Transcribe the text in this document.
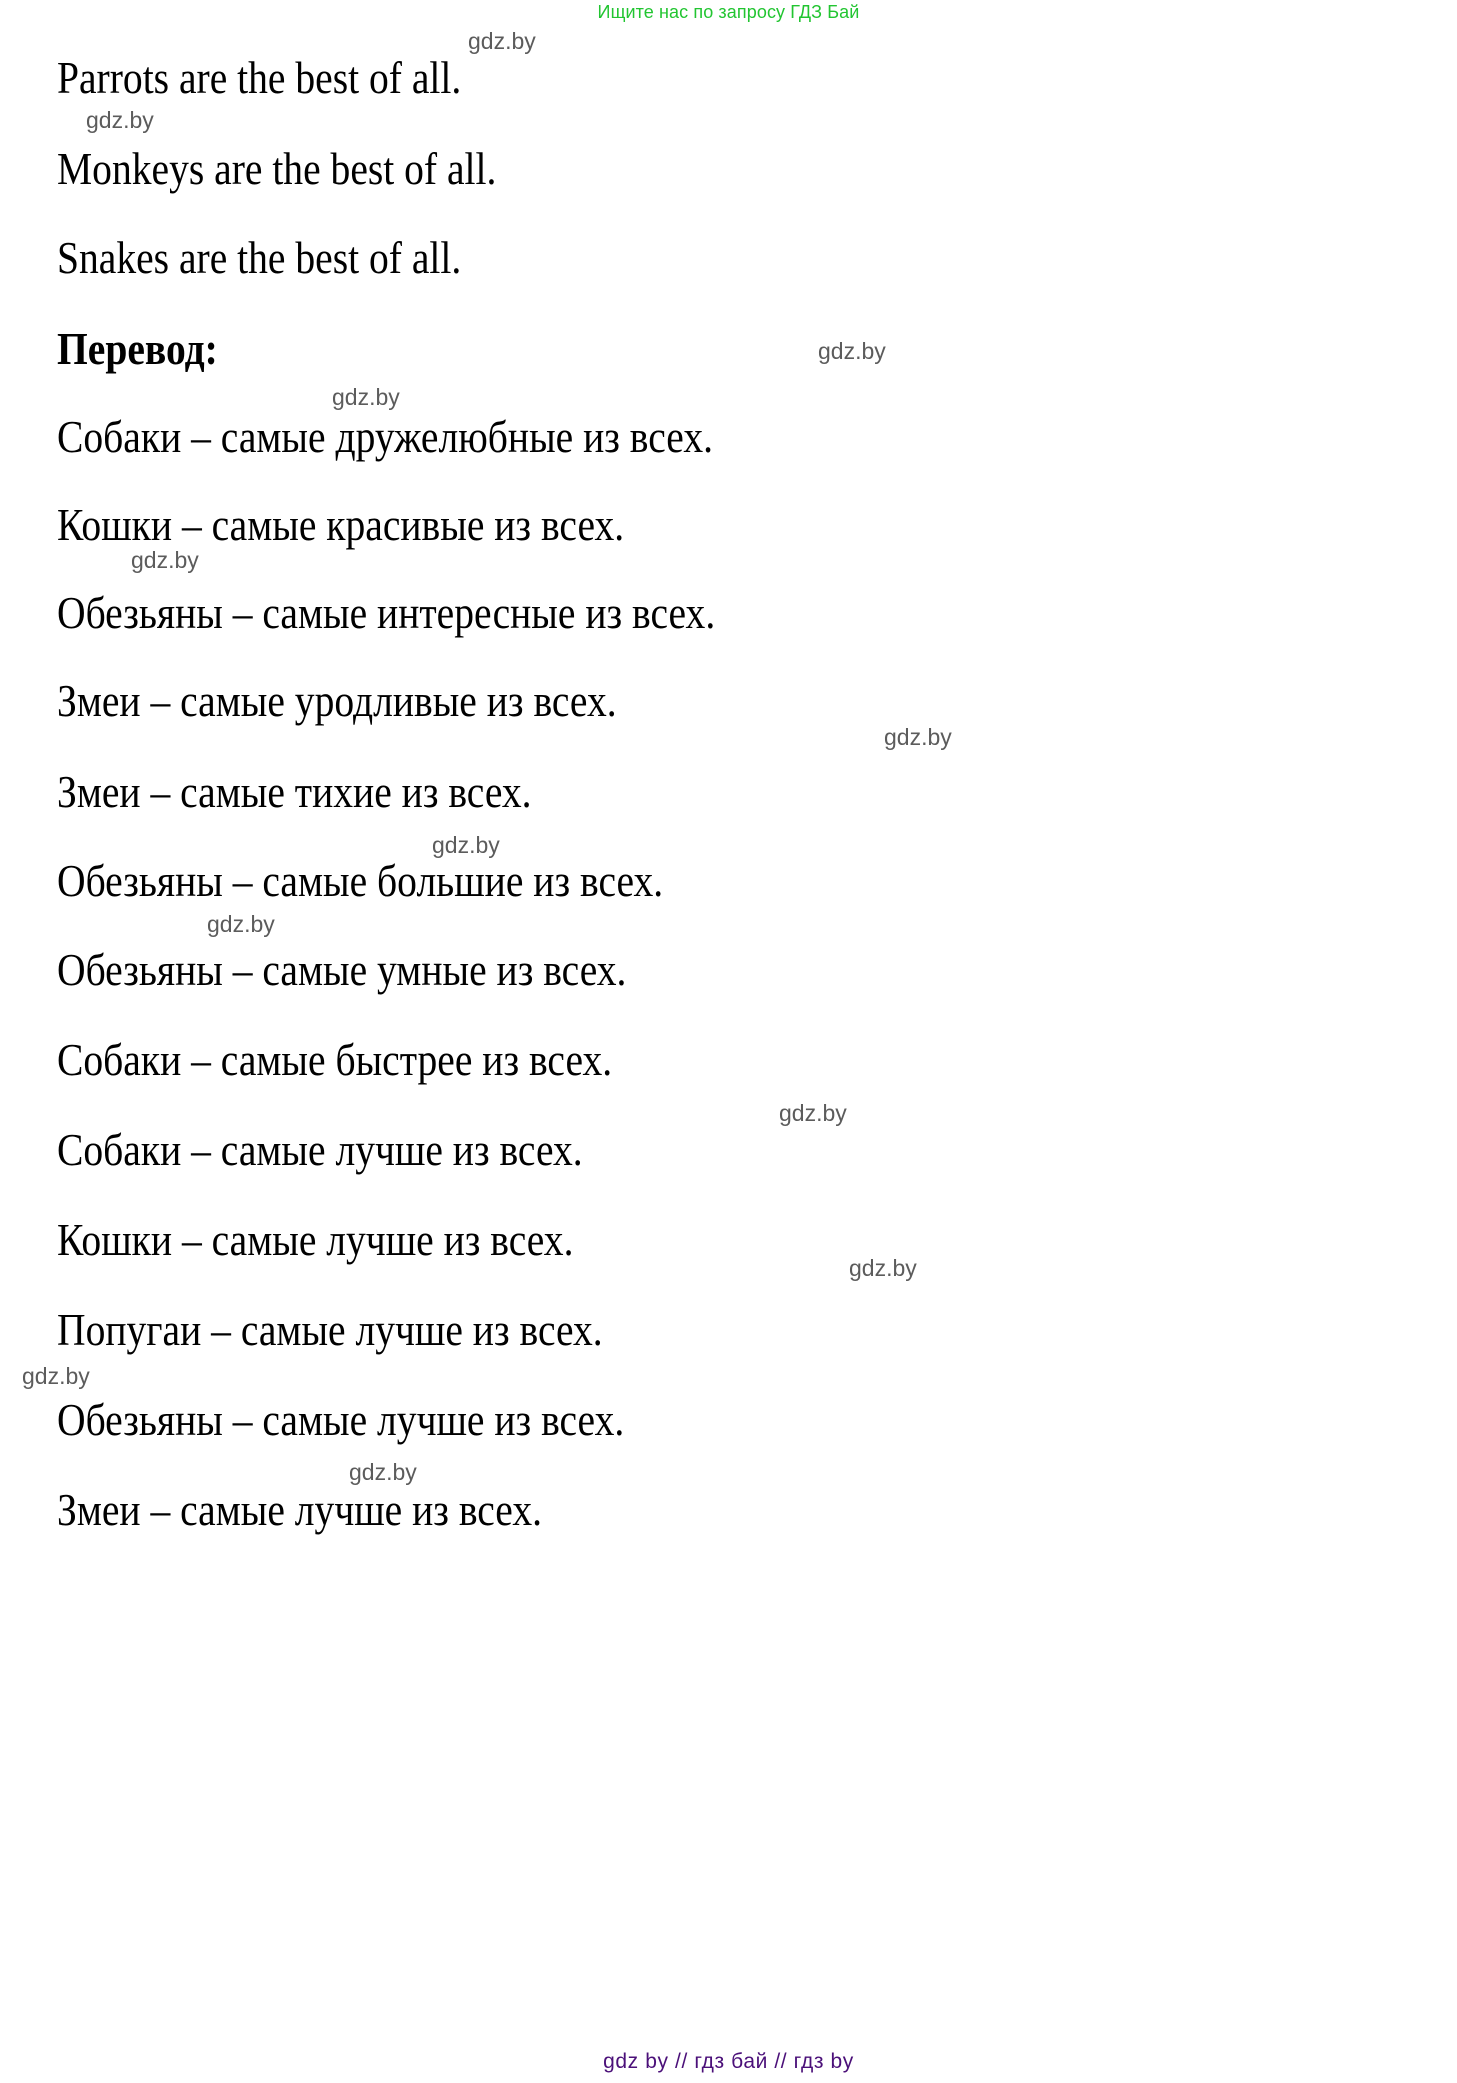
Ищите нас по запросу ГДЗ Бай
Parrots are the best of all.
Monkeys are the best of all.
Snakes are the best of all.
Перевод:
Собаки – самые дружелюбные из всех.
Кошки – самые красивые из всех.
Обезьяны – самые интересные из всех.
Змеи – самые уродливые из всех.
Змеи – самые тихие из всех.
Обезьяны – самые большие из всех.
Обезьяны – самые умные из всех.
Собаки – самые быстрее из всех.
Собаки – самые лучше из всех.
Кошки – самые лучше из всех.
Попугаи – самые лучше из всех.
Обезьяны – самые лучше из всех.
Змеи – самые лучше из всех.
gdz.by
gdz.by
gdz.by
gdz.by
gdz.by
gdz.by
gdz.by
gdz.by
gdz.by
gdz.by
gdz.by
gdz.by
gdz by // гдз бай // гдз by
